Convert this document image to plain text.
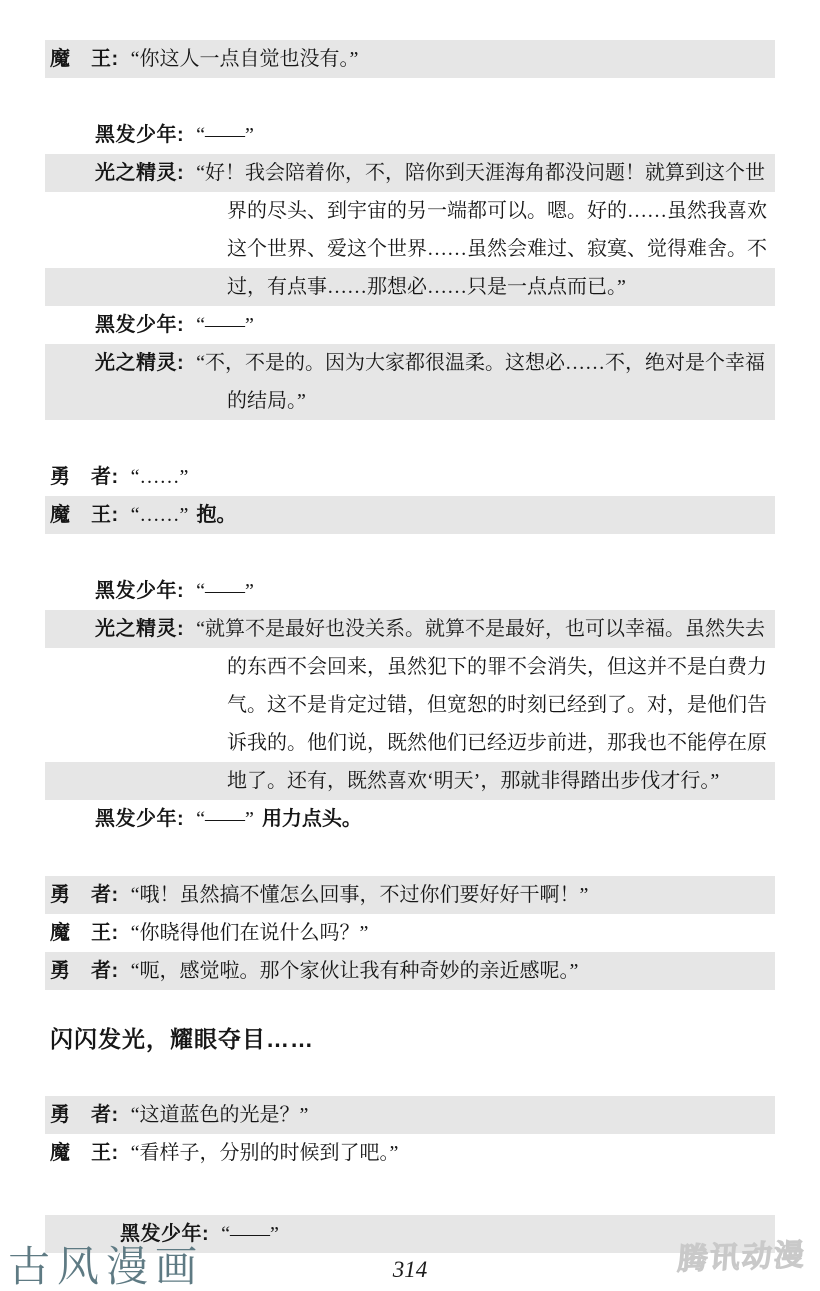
魔　王: “你这人一点自觉也没有。”
黑发少年: “——”
光之精灵: “好！我会陪着你，不，陪你到天涯海角都没问题！就算到这个世
界的尽头、到宇宙的另一端都可以。嗯。好的……虽然我喜欢
这个世界、爱这个世界……虽然会难过、寂寞、觉得难舍。不
过，有点事……那想必……只是一点点而已。”
黑发少年: “——”
光之精灵: “不，不是的。因为大家都很温柔。这想必……不，绝对是个幸福
的结局。”
勇　者: “……”
魔　王: “……” 抱。
黑发少年: “——”
光之精灵: “就算不是最好也没关系。就算不是最好，也可以幸福。虽然失去
的东西不会回来，虽然犯下的罪不会消失，但这并不是白费力
气。这不是肯定过错，但宽恕的时刻已经到了。对，是他们告
诉我的。他们说，既然他们已经迈步前进，那我也不能停在原
地了。还有，既然喜欢‘明天’，那就非得踏出步伐才行。”
黑发少年: “——” 用力点头。
勇　者: “哦！虽然搞不懂怎么回事，不过你们要好好干啊！”
魔　王: “你晓得他们在说什么吗？”
勇　者: “呃，感觉啦。那个家伙让我有种奇妙的亲近感呢。”
闪闪发光，耀眼夺目……
勇　者: “这道蓝色的光是？”
魔　王: “看样子，分别的时候到了吧。”
黑发少年: “——”
腾讯动漫
古风漫画	314
